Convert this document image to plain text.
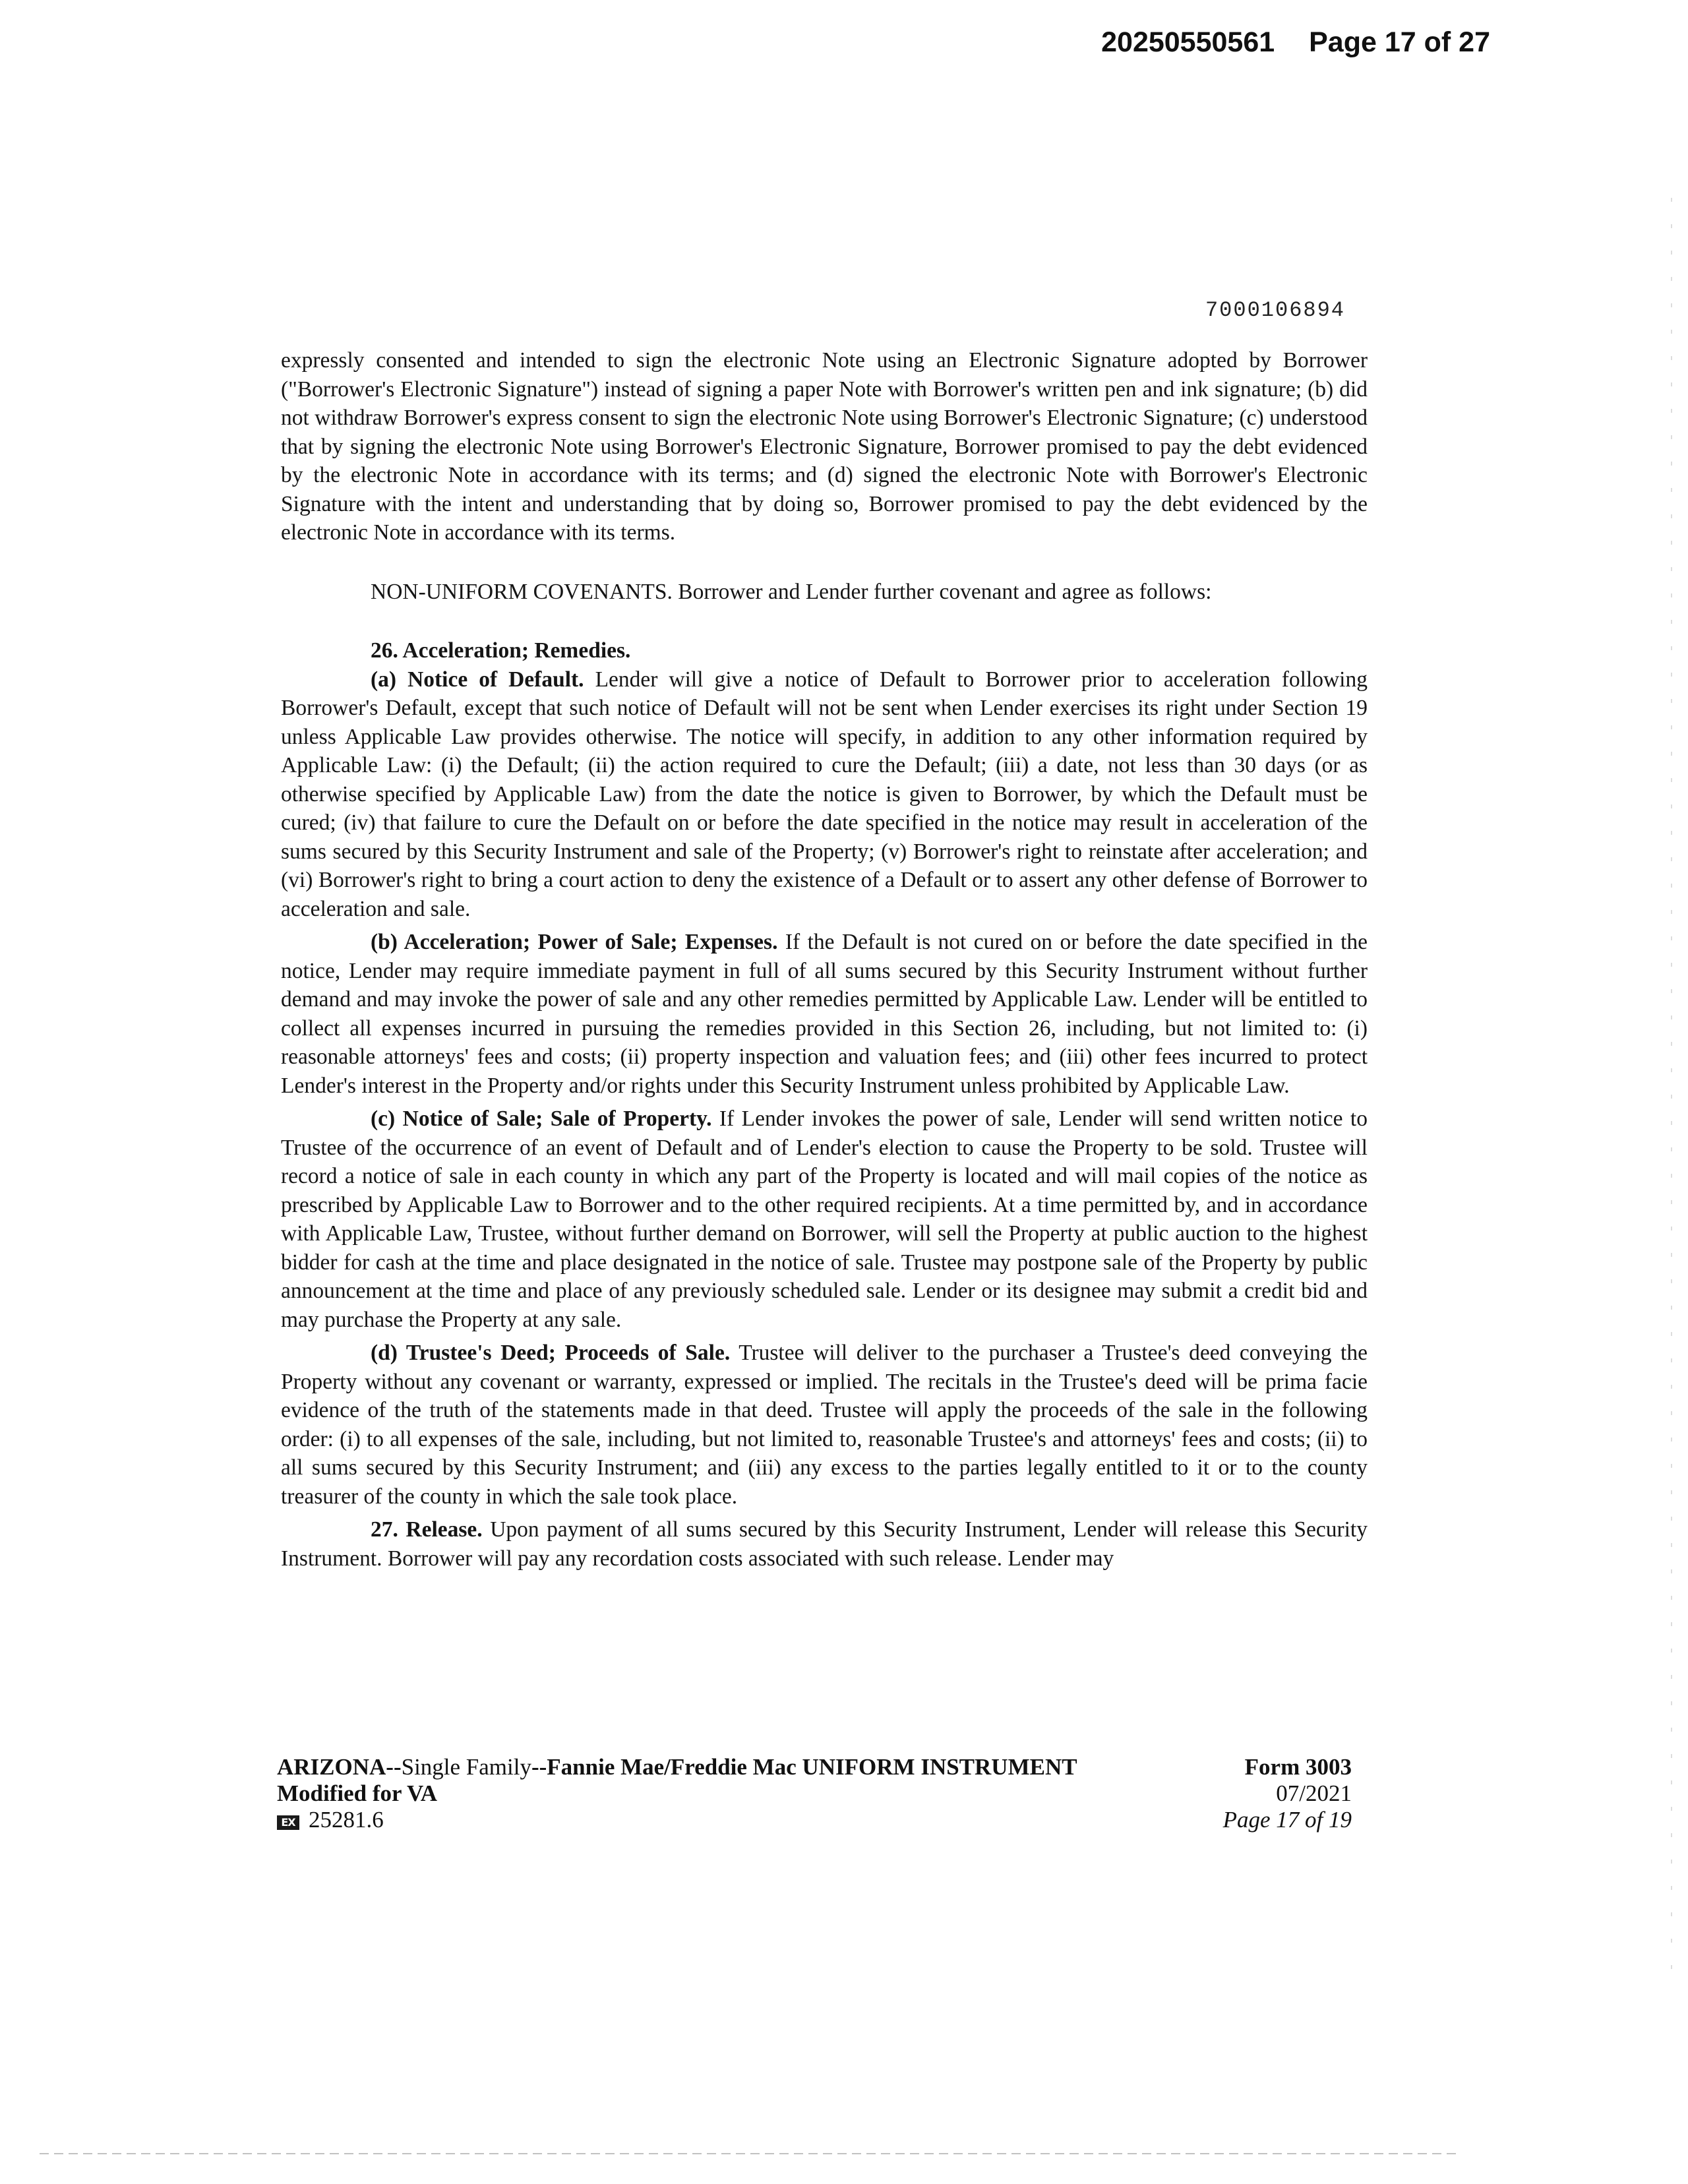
20250550561 Page 17 of 27
7000106894

expressly consented and intended to sign the electronic Note using an Electronic Signature adopted by Borrower ("Borrower's Electronic Signature") instead of signing a paper Note with Borrower's written pen and ink signature; (b) did not withdraw Borrower's express consent to sign the electronic Note using Borrower's Electronic Signature; (c) understood that by signing the electronic Note using Borrower's Electronic Signature, Borrower promised to pay the debt evidenced by the electronic Note in accordance with its terms; and (d) signed the electronic Note with Borrower's Electronic Signature with the intent and understanding that by doing so, Borrower promised to pay the debt evidenced by the electronic Note in accordance with its terms.

NON-UNIFORM COVENANTS. Borrower and Lender further covenant and agree as follows:

26. Acceleration; Remedies.

(a) Notice of Default. Lender will give a notice of Default to Borrower prior to acceleration following Borrower's Default, except that such notice of Default will not be sent when Lender exercises its right under Section 19 unless Applicable Law provides otherwise. The notice will specify, in addition to any other information required by Applicable Law: (i) the Default; (ii) the action required to cure the Default; (iii) a date, not less than 30 days (or as otherwise specified by Applicable Law) from the date the notice is given to Borrower, by which the Default must be cured; (iv) that failure to cure the Default on or before the date specified in the notice may result in acceleration of the sums secured by this Security Instrument and sale of the Property; (v) Borrower's right to reinstate after acceleration; and (vi) Borrower's right to bring a court action to deny the existence of a Default or to assert any other defense of Borrower to acceleration and sale.

(b) Acceleration; Power of Sale; Expenses. If the Default is not cured on or before the date specified in the notice, Lender may require immediate payment in full of all sums secured by this Security Instrument without further demand and may invoke the power of sale and any other remedies permitted by Applicable Law. Lender will be entitled to collect all expenses incurred in pursuing the remedies provided in this Section 26, including, but not limited to: (i) reasonable attorneys' fees and costs; (ii) property inspection and valuation fees; and (iii) other fees incurred to protect Lender's interest in the Property and/or rights under this Security Instrument unless prohibited by Applicable Law.

(c) Notice of Sale; Sale of Property. If Lender invokes the power of sale, Lender will send written notice to Trustee of the occurrence of an event of Default and of Lender's election to cause the Property to be sold. Trustee will record a notice of sale in each county in which any part of the Property is located and will mail copies of the notice as prescribed by Applicable Law to Borrower and to the other required recipients. At a time permitted by, and in accordance with Applicable Law, Trustee, without further demand on Borrower, will sell the Property at public auction to the highest bidder for cash at the time and place designated in the notice of sale. Trustee may postpone sale of the Property by public announcement at the time and place of any previously scheduled sale. Lender or its designee may submit a credit bid and may purchase the Property at any sale.

(d) Trustee's Deed; Proceeds of Sale. Trustee will deliver to the purchaser a Trustee's deed conveying the Property without any covenant or warranty, expressed or implied. The recitals in the Trustee's deed will be prima facie evidence of the truth of the statements made in that deed. Trustee will apply the proceeds of the sale in the following order: (i) to all expenses of the sale, including, but not limited to, reasonable Trustee's and attorneys' fees and costs; (ii) to all sums secured by this Security Instrument; and (iii) any excess to the parties legally entitled to it or to the county treasurer of the county in which the sale took place.

27. Release. Upon payment of all sums secured by this Security Instrument, Lender will release this Security Instrument. Borrower will pay any recordation costs associated with such release. Lender may

ARIZONA--Single Family--Fannie Mae/Freddie Mac UNIFORM INSTRUMENT
Modified for VA
EX 25281.6
Form 3003
07/2021
Page 17 of 19
